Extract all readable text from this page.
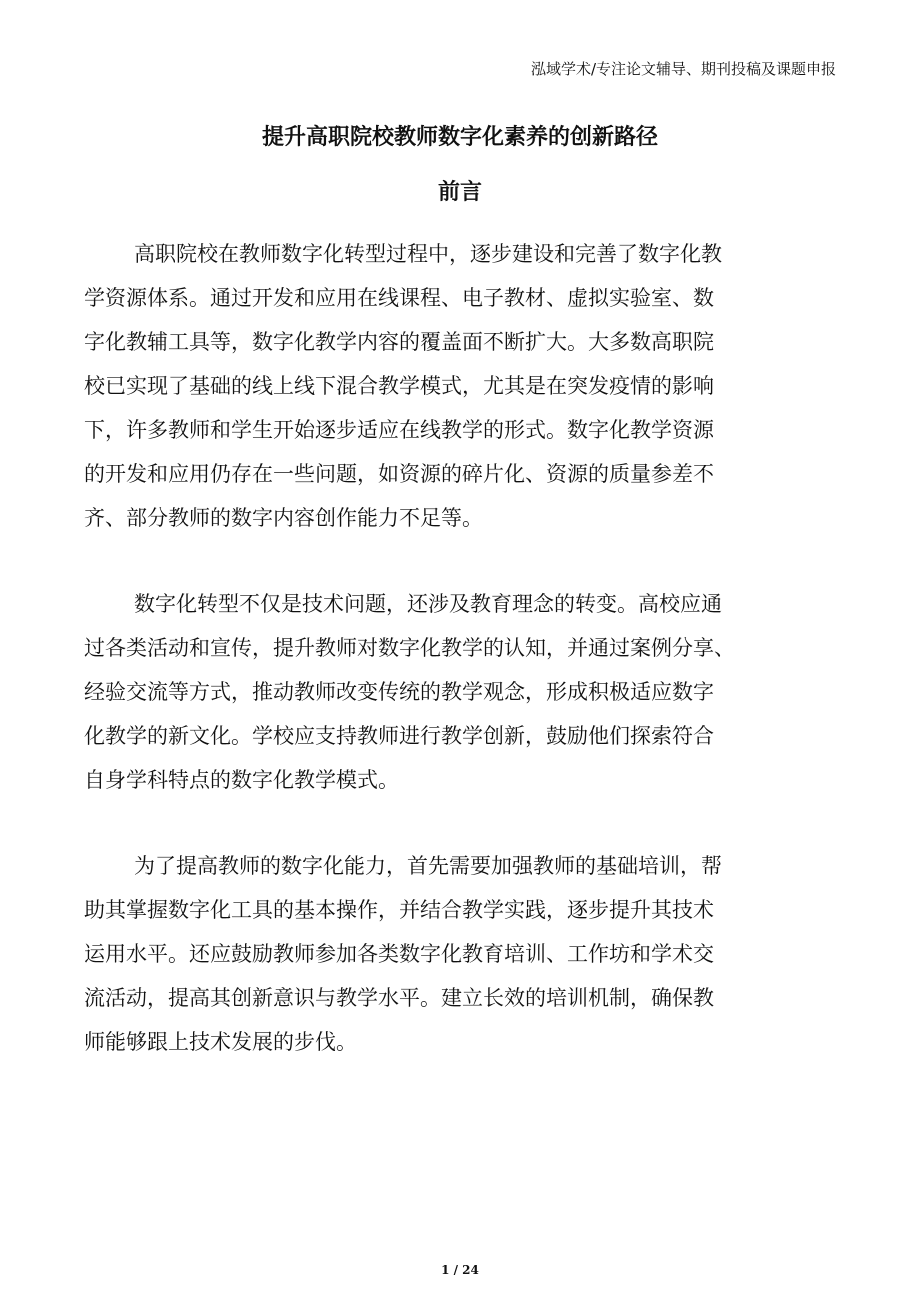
泓域学术/专注论文辅导、期刊投稿及课题申报
提升高职院校教师数字化素养的创新路径
前言
高职院校在教师数字化转型过程中，逐步建设和完善了数字化教
学资源体系。通过开发和应用在线课程、电子教材、虚拟实验室、数
字化教辅工具等，数字化教学内容的覆盖面不断扩大。大多数高职院
校已实现了基础的线上线下混合教学模式，尤其是在突发疫情的影响
下，许多教师和学生开始逐步适应在线教学的形式。数字化教学资源
的开发和应用仍存在一些问题，如资源的碎片化、资源的质量参差不
齐、部分教师的数字内容创作能力不足等。
数字化转型不仅是技术问题，还涉及教育理念的转变。高校应通
过各类活动和宣传，提升教师对数字化教学的认知，并通过案例分享、
经验交流等方式，推动教师改变传统的教学观念，形成积极适应数字
化教学的新文化。学校应支持教师进行教学创新，鼓励他们探索符合
自身学科特点的数字化教学模式。
为了提高教师的数字化能力，首先需要加强教师的基础培训，帮
助其掌握数字化工具的基本操作，并结合教学实践，逐步提升其技术
运用水平。还应鼓励教师参加各类数字化教育培训、工作坊和学术交
流活动，提高其创新意识与教学水平。建立长效的培训机制，确保教
师能够跟上技术发展的步伐。
1 / 24
